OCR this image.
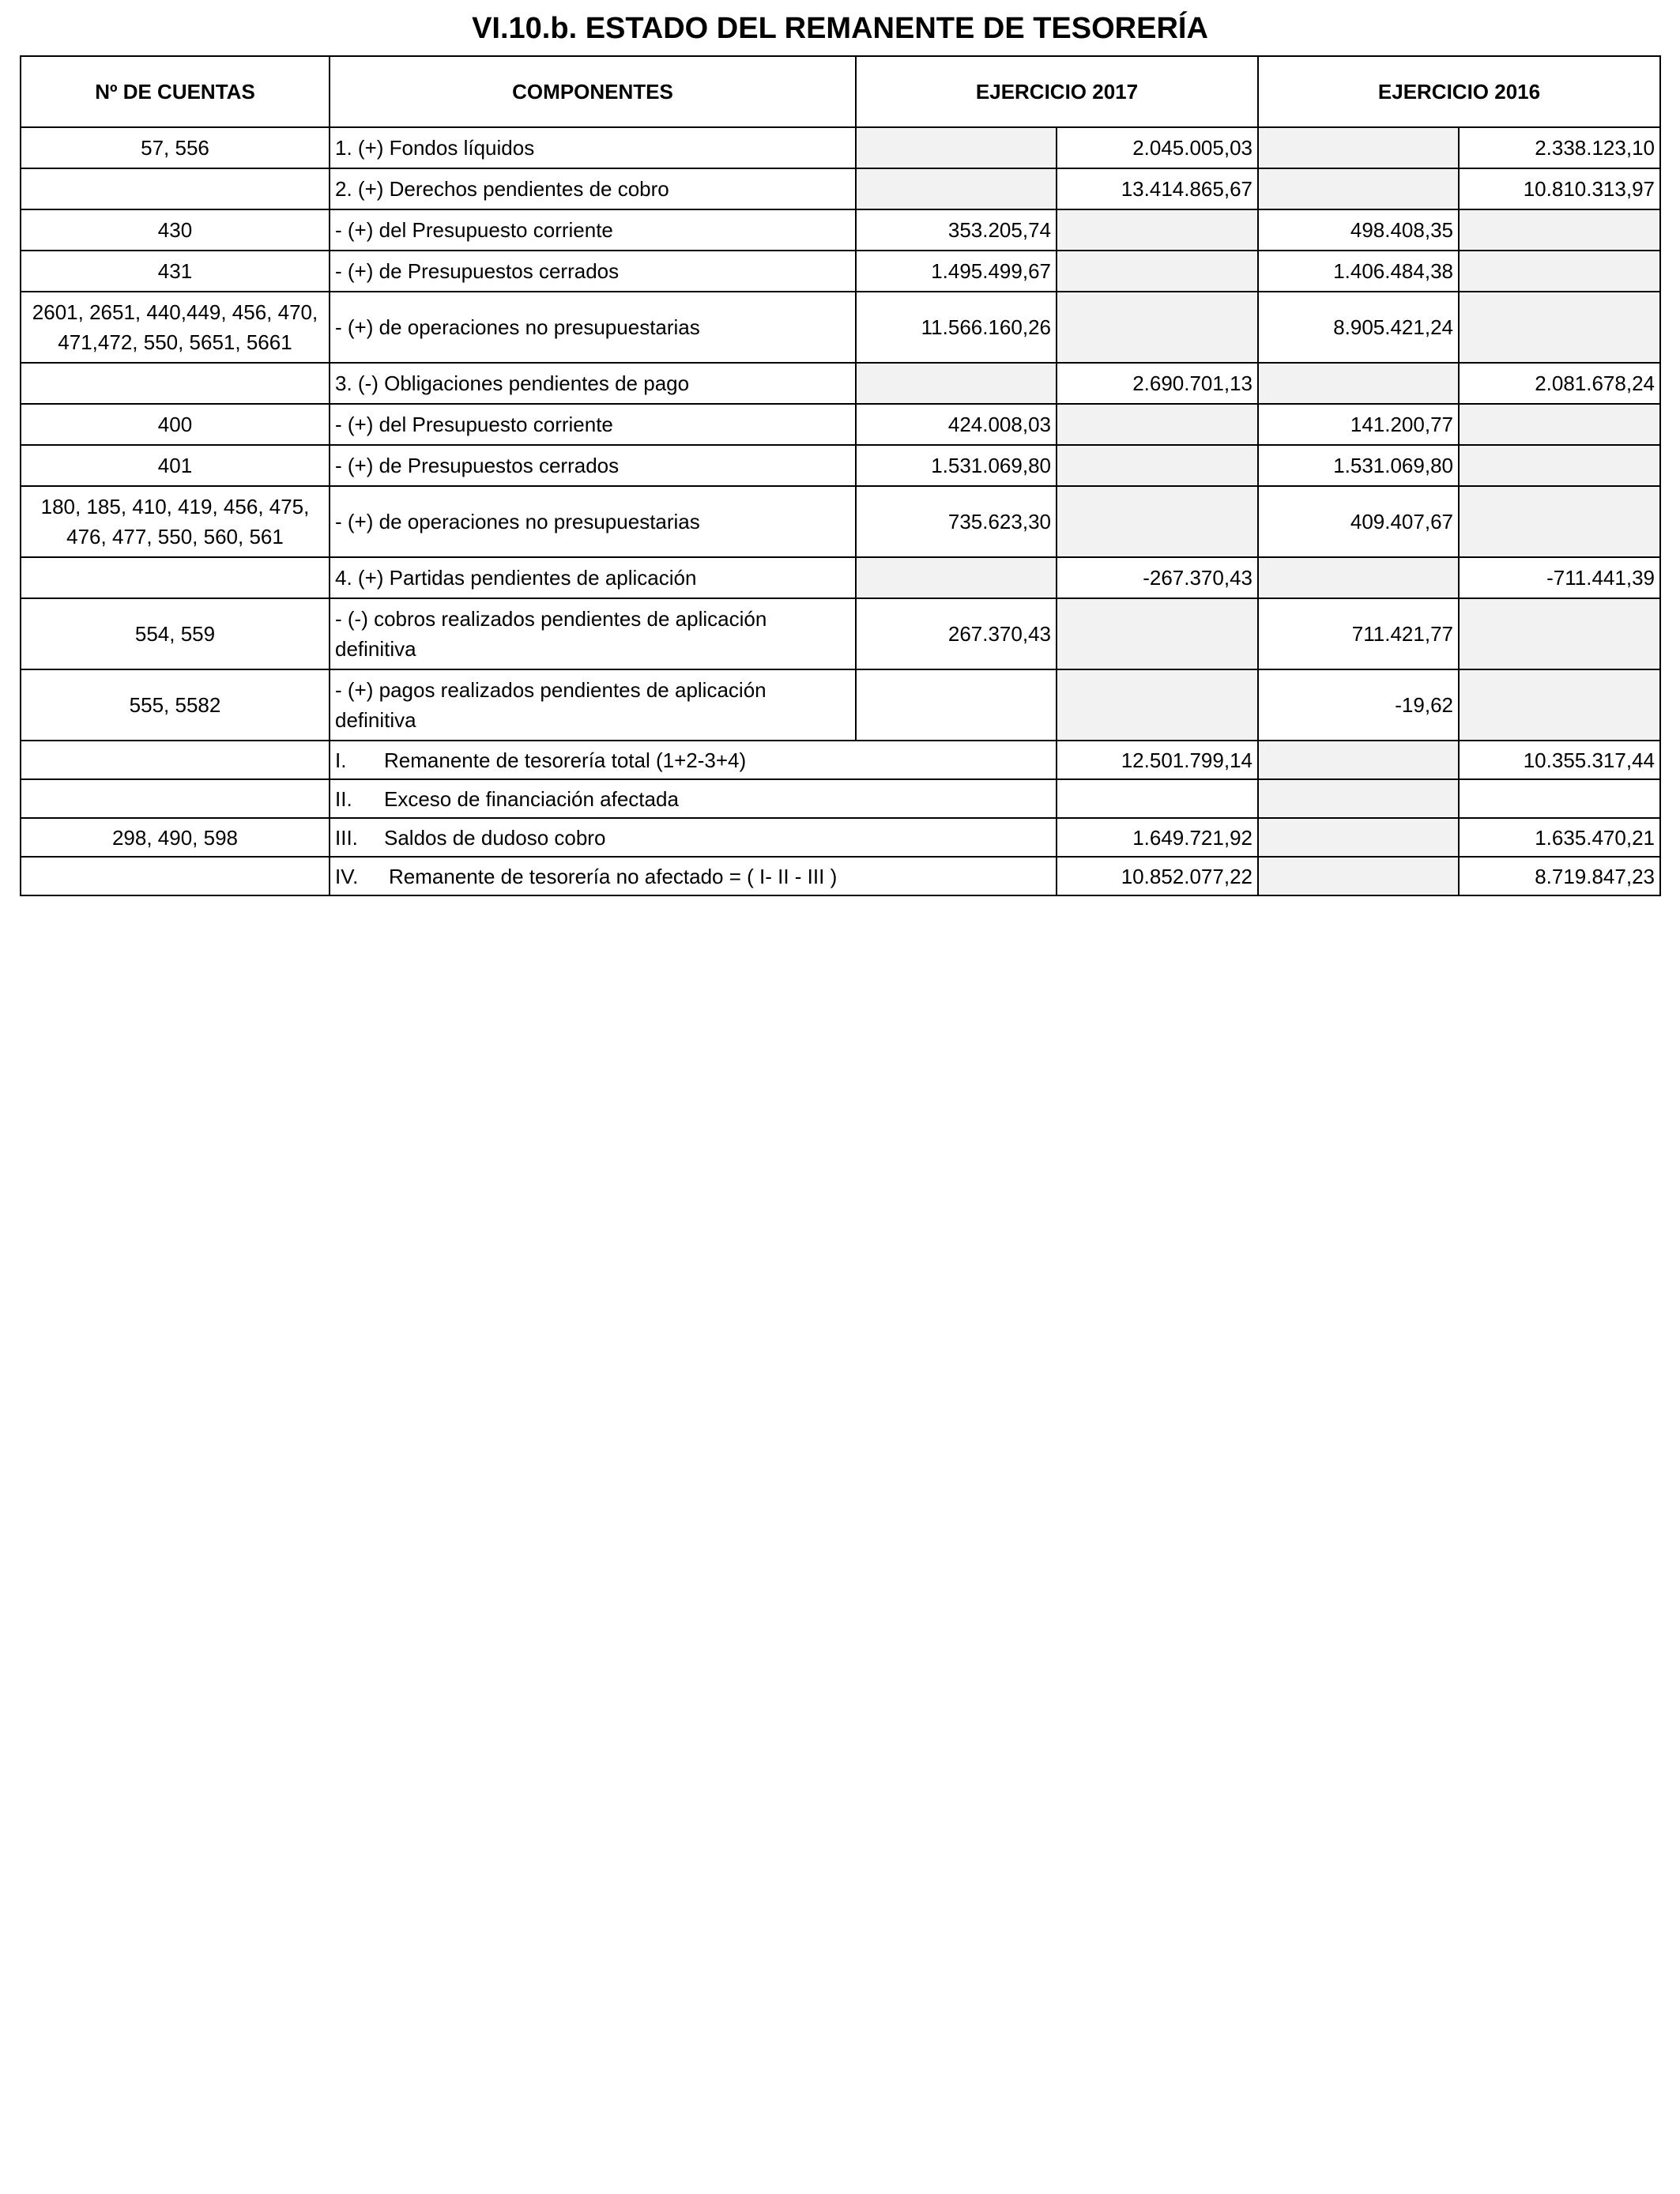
VI.10.b. ESTADO DEL REMANENTE DE TESORERÍA
Nº DE CUENTAS	COMPONENTES	EJERCICIO 2017		EJERCICIO 2016	
57, 556	1. (+) Fondos líquidos		2.045.005,03		2.338.123,10
	2. (+) Derechos pendientes de cobro		13.414.865,67		10.810.313,97
430	- (+) del Presupuesto corriente	353.205,74		498.408,35	
431	- (+) de Presupuestos cerrados	1.495.499,67		1.406.484,38	
2601, 2651, 440,449, 456, 470, 471,472, 550, 5651, 5661	- (+) de operaciones no presupuestarias	11.566.160,26		8.905.421,24	
	3. (-) Obligaciones pendientes de pago		2.690.701,13		2.081.678,24
400	- (+) del Presupuesto corriente	424.008,03		141.200,77	
401	- (+) de Presupuestos cerrados	1.531.069,80		1.531.069,80	
180, 185, 410, 419, 456, 475, 476, 477, 550, 560, 561	- (+) de operaciones no presupuestarias	735.623,30		409.407,67	
	4. (+) Partidas pendientes de aplicación		-267.370,43		-711.441,39
554, 559	- (-) cobros realizados pendientes de aplicación definitiva	267.370,43		711.421,77	
555, 5582	- (+) pagos realizados pendientes de aplicación definitiva			-19,62	
	I. Remanente de tesorería total (1+2-3+4)		12.501.799,14		10.355.317,44
	II. Exceso de financiación afectada				
298, 490, 598	III. Saldos de dudoso cobro		1.649.721,92		1.635.470,21
	IV. Remanente de tesorería no afectado = ( I- II - III )		10.852.077,22		8.719.847,23
